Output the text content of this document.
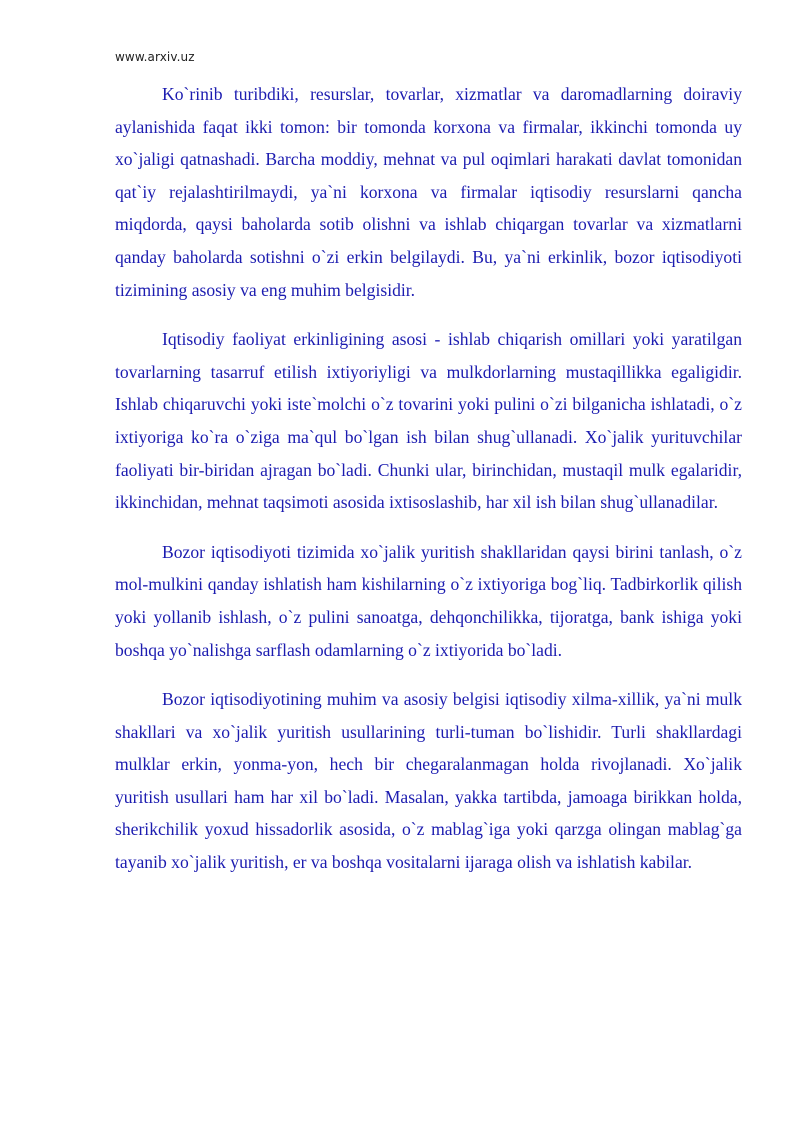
www.arxiv.uz

Ko`rinib turibdiki, resurslar, tovarlar, xizmatlar va daromadlarning doiraviy aylanishida faqat ikki tomon: bir tomonda korxona va firmalar, ikkinchi tomonda uy xo`jaligi qatnashadi. Barcha moddiy, mehnat va pul oqimlari harakati davlat tomonidan qat`iy rejalashtirilmaydi, ya`ni korxona va firmalar iqtisodiy resurslarni qancha miqdorda, qaysi baholarda sotib olishni va ishlab chiqargan tovarlar va xizmatlarni qanday baholarda sotishni o`zi erkin belgilaydi. Bu, ya`ni erkinlik, bozor iqtisodiyoti tizimining asosiy va eng muhim belgisidir.

Iqtisodiy faoliyat erkinligining asosi - ishlab chiqarish omillari yoki yaratilgan tovarlarning tasarruf etilish ixtiyoriyligi va mulkdorlarning mustaqillikka egaligidir. Ishlab chiqaruvchi yoki iste`molchi o`z tovarini yoki pulini o`zi bilganicha ishlatadi, o`z ixtiyoriga ko`ra o`ziga ma`qul bo`lgan ish bilan shug`ullanadi. Xo`jalik yurituvchilar faoliyati bir-biridan ajragan bo`ladi. Chunki ular, birinchidan, mustaqil mulk egalaridir, ikkinchidan, mehnat taqsimoti asosida ixtisoslashib, har xil ish bilan shug`ullanadilar.

Bozor iqtisodiyoti tizimida xo`jalik yuritish shakllaridan qaysi birini tanlash, o`z mol-mulkini qanday ishlatish ham kishilarning o`z ixtiyoriga bog`liq. Tadbirkorlik qilish yoki yollanib ishlash, o`z pulini sanoatga, dehqonchilikka, tijoratga, bank ishiga yoki boshqa yo`nalishga sarflash odamlarning o`z ixtiyorida bo`ladi.

Bozor iqtisodiyotining muhim va asosiy belgisi iqtisodiy xilma-xillik, ya`ni mulk shakllari va xo`jalik yuritish usullarining turli-tuman bo`lishidir. Turli shakllardagi mulklar erkin, yonma-yon, hech bir chegaralanmagan holda rivojlanadi. Xo`jalik yuritish usullari ham har xil bo`ladi. Masalan, yakka tartibda, jamoaga birikkan holda, sherikchilik yoxud hissadorlik asosida, o`z mablag`iga yoki qarzga olingan mablag`ga tayanib xo`jalik yuritish, er va boshqa vositalarni ijaraga olish va ishlatish kabilar.
